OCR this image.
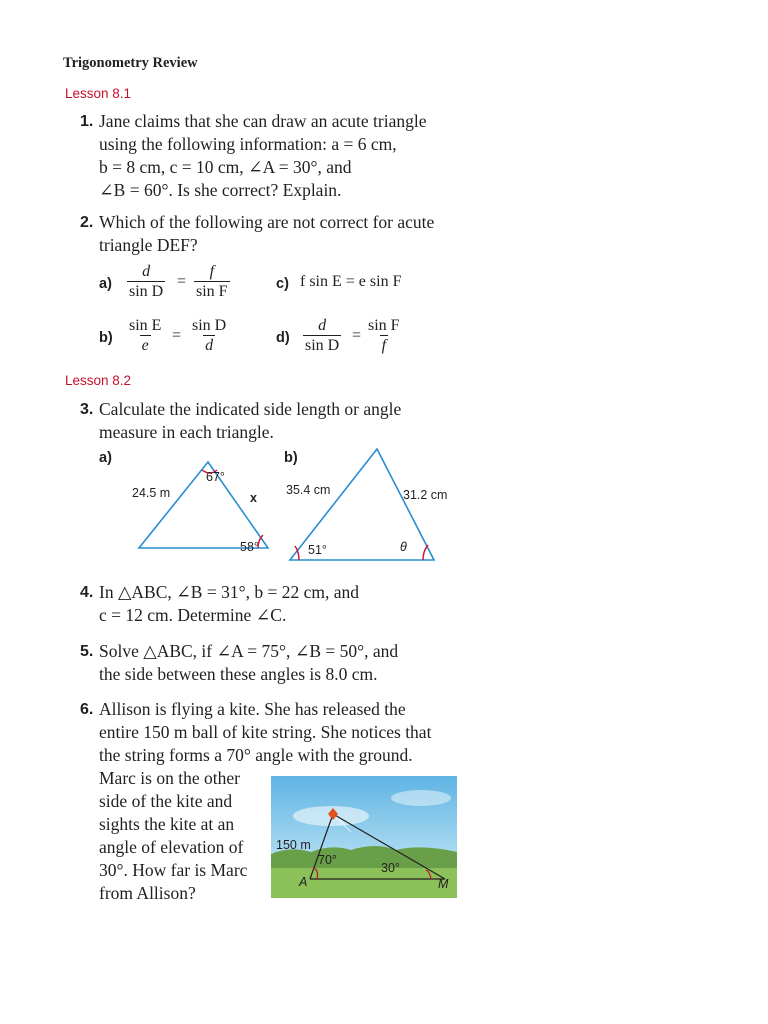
Trigonometry Review
Lesson 8.1
1. Jane claims that she can draw an acute triangle
using the following information: a = 6 cm,
b = 8 cm, c = 10 cm, ∠A = 30°, and
∠B = 60°. Is she correct? Explain.
2. Which of the following are not correct for acute
triangle DEF?
$a) \frac{d}{\text{sin D}} = \frac{f}{\text{sin F}}$	c) f sin E = e sin F
$b) \frac{\text{sin E}}{e} = \frac{\text{sin D}}{d}$	$d) \frac{d}{\text{sin D}} = \frac{\text{sin F}}{f}$
Lesson 8.2
3. Calculate the indicated side length or angle
measure in each triangle.
a)	b)
24.5 m
67°
x
58°
35.4 cm	31.2 cm
51°	θ
4. In △ABC, ∠B = 31°, b = 22 cm, and
c = 12 cm. Determine ∠C.
5. Solve △ABC, if ∠A = 75°, ∠B = 50°, and
the side between these angles is 8.0 cm.
6. Allison is flying a kite. She has released the
entire 150 m ball of kite string. She notices that
the string forms a 70° angle with the ground.
Marc is on the other
side of the kite and
sights the kite at an
angle of elevation of
30°. How far is Marc
from Allison?
150 m
70°
30°
A	M
